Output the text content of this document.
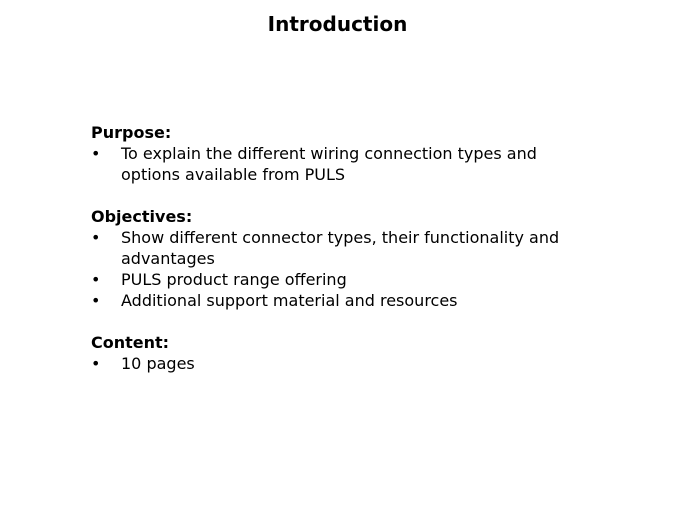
Introduction

Purpose:

• To explain the different wiring connection types and options available from PULS

Objectives:

• Show different connector types, their functionality and advantages
• PULS product range offering
• Additional support material and resources

Content:

• 10 pages
